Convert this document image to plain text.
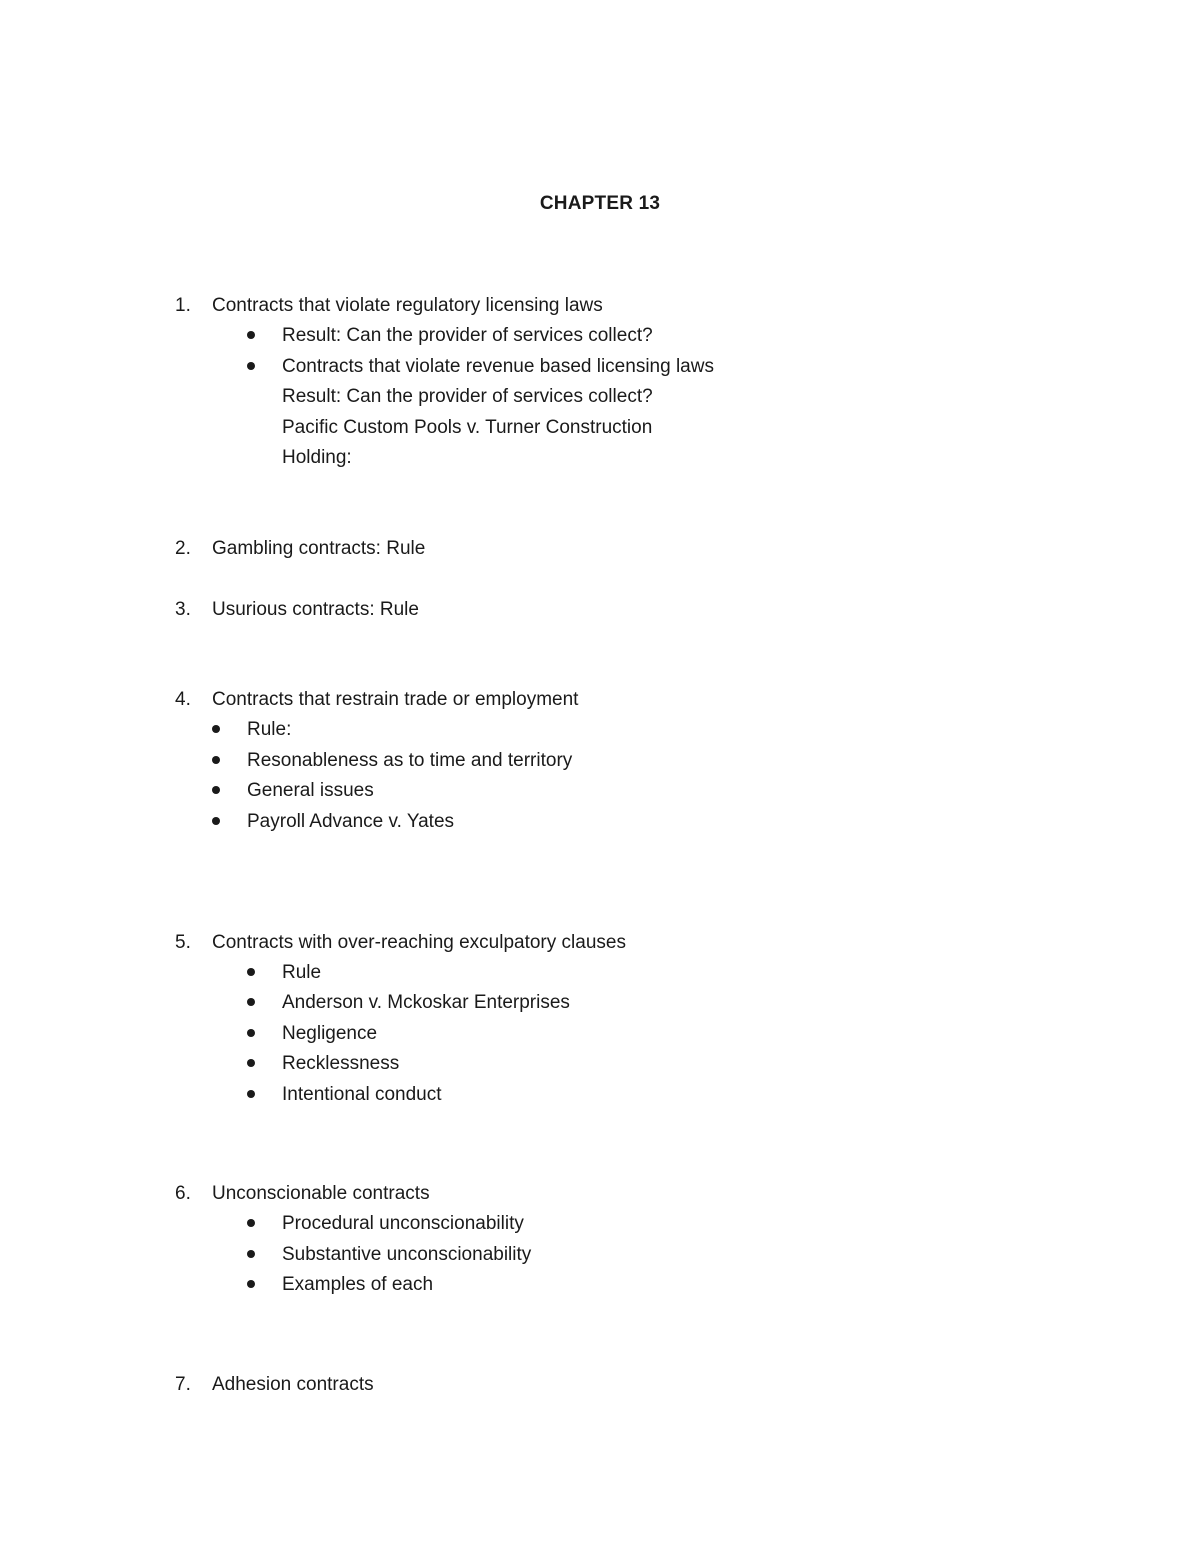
CHAPTER 13
1. Contracts that violate regulatory licensing laws
Result: Can the provider of services collect?
Contracts that violate revenue based licensing laws
Result: Can the provider of services collect?
Pacific Custom Pools v. Turner Construction
Holding:
2. Gambling contracts: Rule
3. Usurious contracts: Rule
4. Contracts that restrain trade or employment
Rule:
Resonableness as to time and territory
General issues
Payroll Advance v. Yates
5. Contracts with over-reaching exculpatory clauses
Rule
Anderson v. Mckoskar Enterprises
Negligence
Recklessness
Intentional conduct
6. Unconscionable contracts
Procedural unconscionability
Substantive unconscionability
Examples of each
7. Adhesion contracts
